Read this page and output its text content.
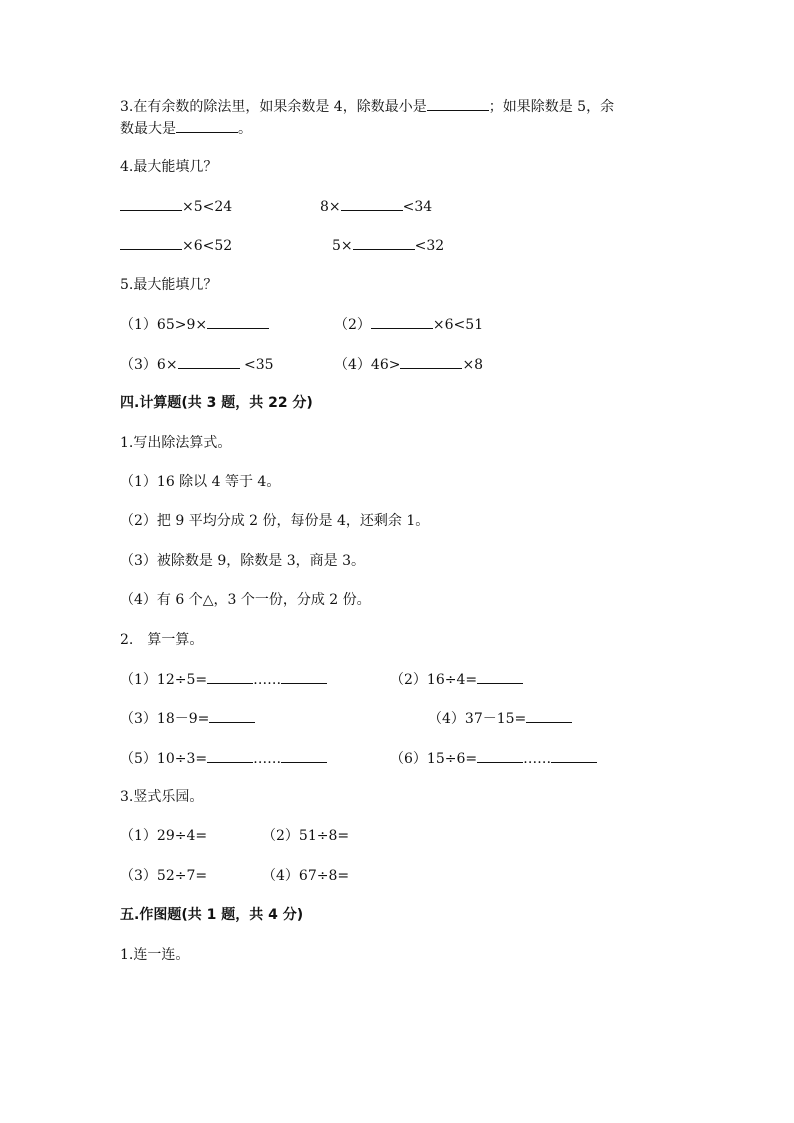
3.在有余数的除法里，如果余数是 4，除数最小是	；如果除数是 5，余
数最大是	。
4.最大能填几？
×5<24	8×	<34
×6<52	5×	<32
5.最大能填几？
（1）65>9×	（2）	×6<51
（3）6×	<35	（4）46>	×8
四.计算题(共 3 题，共 22 分)
1.写出除法算式。
（1）16 除以 4 等于 4。
（2）把 9 平均分成 2 份，每份是 4，还剩余 1。
（3）被除数是 9，除数是 3，商是 3。
（4）有 6 个△，3 个一份，分成 2 份。
2.　算一算。
（1）12÷5=	……	（2）16÷4=
（3）18－9=	（4）37－15=
（5）10÷3=	……	（6）15÷6=	……
3.竖式乐园。
（1）29÷4=	（2）51÷8=
（3）52÷7=	（4）67÷8=
五.作图题(共 1 题，共 4 分)
1.连一连。
